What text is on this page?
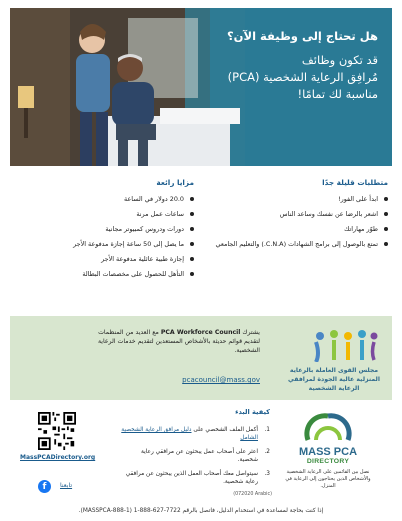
هل تحتاج إلى وظيفة الآن؟
قد تكون وظائف
مُرافِق الرعاية الشخصية (PCA)
مناسبة لك تمامًا!
متطلبات قليلة جدًا
ابدأ على الفور!
اشعر بالرضا عن نفسك وساعد الناس
طوّر مهاراتك
تمتع بالوصول إلى برامج الشهادات (C.N.A.) والتعليم الجامعي
مزايا رائعة
20.0 دولار في الساعة
ساعات عمل مرنة
دورات ودروس كمبيوتر مجانية
ما يصل إلى 50 ساعة إجازة مدفوعة الأجر
إجازة طبية عائلية مدفوعة الأجر
التأهل للحصول على مخصصات البطالة
مجلس القوى العاملة بالرعاية المنزلية عالية الجودة لمرافقي الرعاية الشخصية
يشترك PCA Workforce Council مع العديد من المنظمات لتقديم قوائم حديثة بالأشخاص المستعدين لتقديم خدمات الرعاية الشخصية.
pcacouncil@mass.gov
MassPCADirectory.org
f	تابعنا
كيفية البدء
1.
أكمل الملف الشخصي على دليل مرافق الرعاية الشخصية الشامل
2.
اعثر على أصحاب عمل يبحثون عن مرافقي رعاية شخصية.
3.
سيتواصل معك أصحاب العمل الذين يبحثون عن مرافقي رعاية شخصية.
MASS PCA
DIRECTORY
نصل بين القائمين على الرعاية الشخصية والأشخاص الذين يحتاجون إلى الرعاية في المنزل.
(072020 Arabic)
إذا كنت بحاجة لمساعدة في استخدام الدليل، فاتصل بالرقم 7722-627-888-1 (1-888-MASSPCA).
